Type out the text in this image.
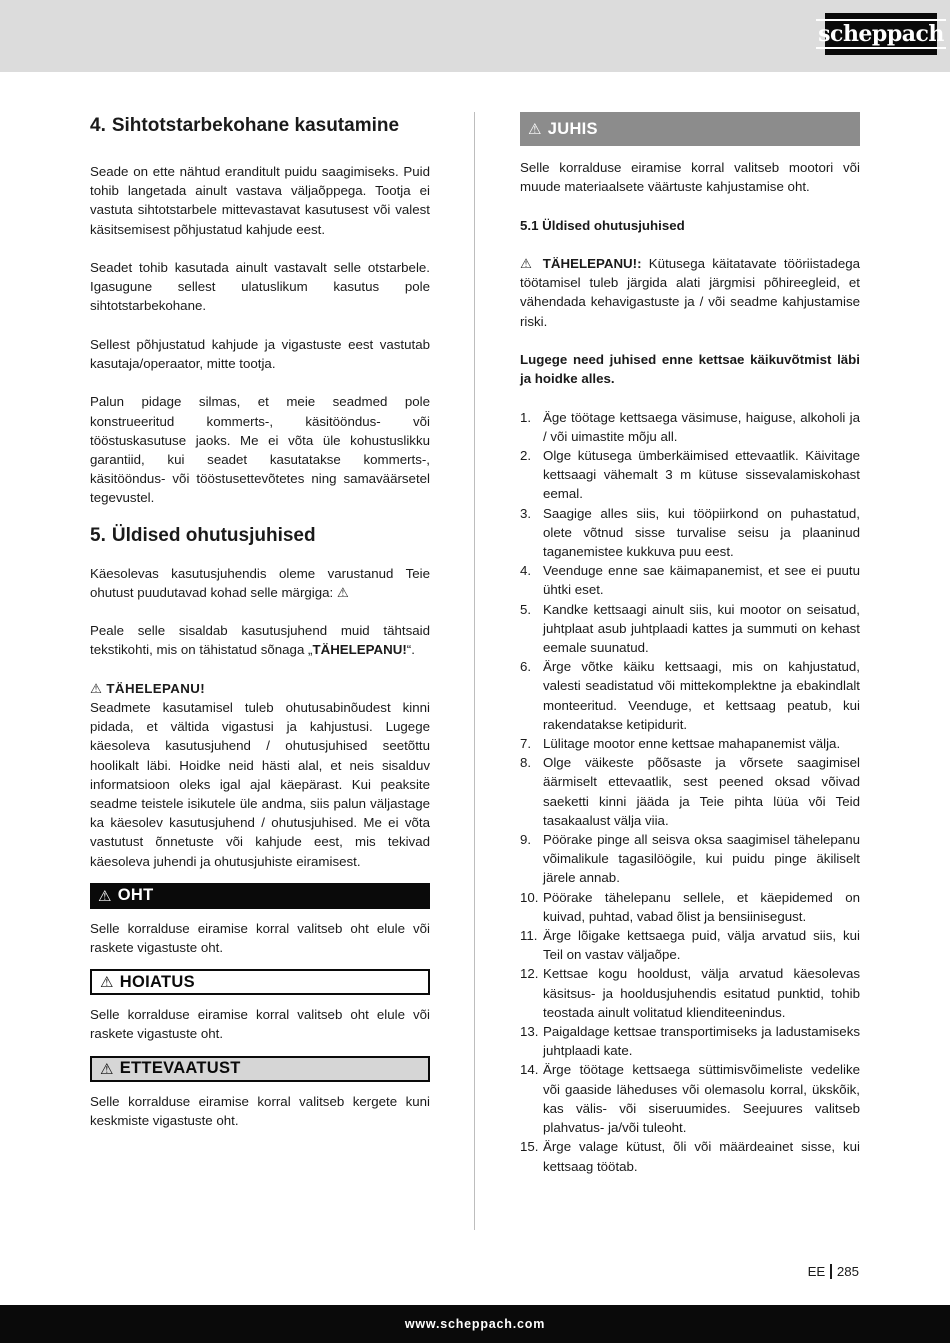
scheppach
4. Sihtotstarbekohane kasutamine

Seade on ette nähtud eranditult puidu saagimiseks. Puid tohib langetada ainult vastava väljaõppega. Tootja ei vastuta sihtotstarbele mittevastavat kasutusest või valest käsitsemisest põhjustatud kahjude eest.

Seadet tohib kasutada ainult vastavalt selle otstarbele. Igasugune sellest ulatuslikum kasutus pole sihtotstarbekohane.

Sellest põhjustatud kahjude ja vigastuste eest vastutab kasutaja/operaator, mitte tootja.

Palun pidage silmas, et meie seadmed pole konstrueeritud kommerts-, käsitööndus- või tööstuskasutuse jaoks. Me ei võta üle kohustuslikku garantiid, kui seadet kasutatakse kommerts-, käsitööndus- või tööstusettevõtetes ning samaväärsetel tegevustel.

5. Üldised ohutusjuhised

Käesolevas kasutusjuhendis oleme varustanud Teie ohutust puudutavad kohad selle märgiga: ⚠

Peale selle sisaldab kasutusjuhend muid tähtsaid tekstikohti, mis on tähistatud sõnaga „TÄHELEPANU!“.

⚠ TÄHELEPANU!

Seadmete kasutamisel tuleb ohutusabinõudest kinni pidada, et vältida vigastusi ja kahjustusi. Lugege käesoleva kasutusjuhend / ohutusjuhised seetõttu hoolikalt läbi. Hoidke neid hästi alal, et neis sisalduv informatsioon oleks igal ajal käepärast. Kui peaksite seadme teistele isikutele üle andma, siis palun väljastage ka käesolev kasutusjuhend / ohutusjuhised. Me ei võta vastutust õnnetuste või kahjude eest, mis tekivad käesoleva juhendi ja ohutusjuhiste eiramisest.

⚠ OHT

Selle korralduse eiramise korral valitseb oht elule või raskete vigastuste oht.

⚠ HOIATUS

Selle korralduse eiramise korral valitseb oht elule või raskete vigastuste oht.

⚠ ETTEVAATUST

Selle korralduse eiramise korral valitseb kergete kuni keskmiste vigastuste oht.

⚠ JUHIS

Selle korralduse eiramise korral valitseb mootori või muude materiaalsete väärtuste kahjustamise oht.

5.1 Üldised ohutusjuhised

⚠ TÄHELEPANU!: Kütusega käitatavate tööriistadega töötamisel tuleb järgida alati järgmisi põhireegleid, et vähendada kehavigastuste ja / või seadme kahjustamise riski.

Lugege need juhised enne kettsae käikuvõtmist läbi ja hoidke alles.

1. Äge töötage kettsaega väsimuse, haiguse, alkoholi ja / või uimastite mõju all.
2. Olge kütusega ümberkäimised ettevaatlik. Käivitage kettsaagi vähemalt 3 m kütuse sissevalamiskohast eemal.
3. Saagige alles siis, kui tööpiirkond on puhastatud, olete võtnud sisse turvalise seisu ja plaaninud taganemistee kukkuva puu eest.
4. Veenduge enne sae käimapanemist, et see ei puutu ühtki eset.
5. Kandke kettsaagi ainult siis, kui mootor on seisatud, juhtplaat asub juhtplaadi kattes ja summuti on kehast eemale suunatud.
6. Ärge võtke käiku kettsaagi, mis on kahjustatud, valesti seadistatud või mittekomplektne ja ebakindlalt monteeritud. Veenduge, et kettsaag peatub, kui rakendatakse ketipidurit.
7. Lülitage mootor enne kettsae mahapanemist välja.
8. Olge väikeste põõsaste ja võrsete saagimisel äärmiselt ettevaatlik, sest peened oksad võivad saeketti kinni jääda ja Teie pihta lüüa või Teid tasakaalust välja viia.
9. Pöörake pinge all seisva oksa saagimisel tähelepanu võimalikule tagasilöögile, kui puidu pinge äkiliselt järele annab.
10. Pöörake tähelepanu sellele, et käepidemed on kuivad, puhtad, vabad õlist ja bensiinisegust.
11. Ärge lõigake kettsaega puid, välja arvatud siis, kui Teil on vastav väljaõpe.
12. Kettsae kogu hooldust, välja arvatud käesolevas käsitsus- ja hooldusjuhendis esitatud punktid, tohib teostada ainult volitatud klienditeenindus.
13. Paigaldage kettsae transportimiseks ja ladustamiseks juhtplaadi kate.
14. Ärge töötage kettsaega süttimisvõimeliste vedelike või gaaside läheduses või olemasolu korral, ükskõik, kas välis- või siseruumides. Seejuures valitseb plahvatus- ja/või tuleoht.
15. Ärge valage kütust, õli või määrdeainet sisse, kui kettsaag töötab.
EE 285
www.scheppach.com
